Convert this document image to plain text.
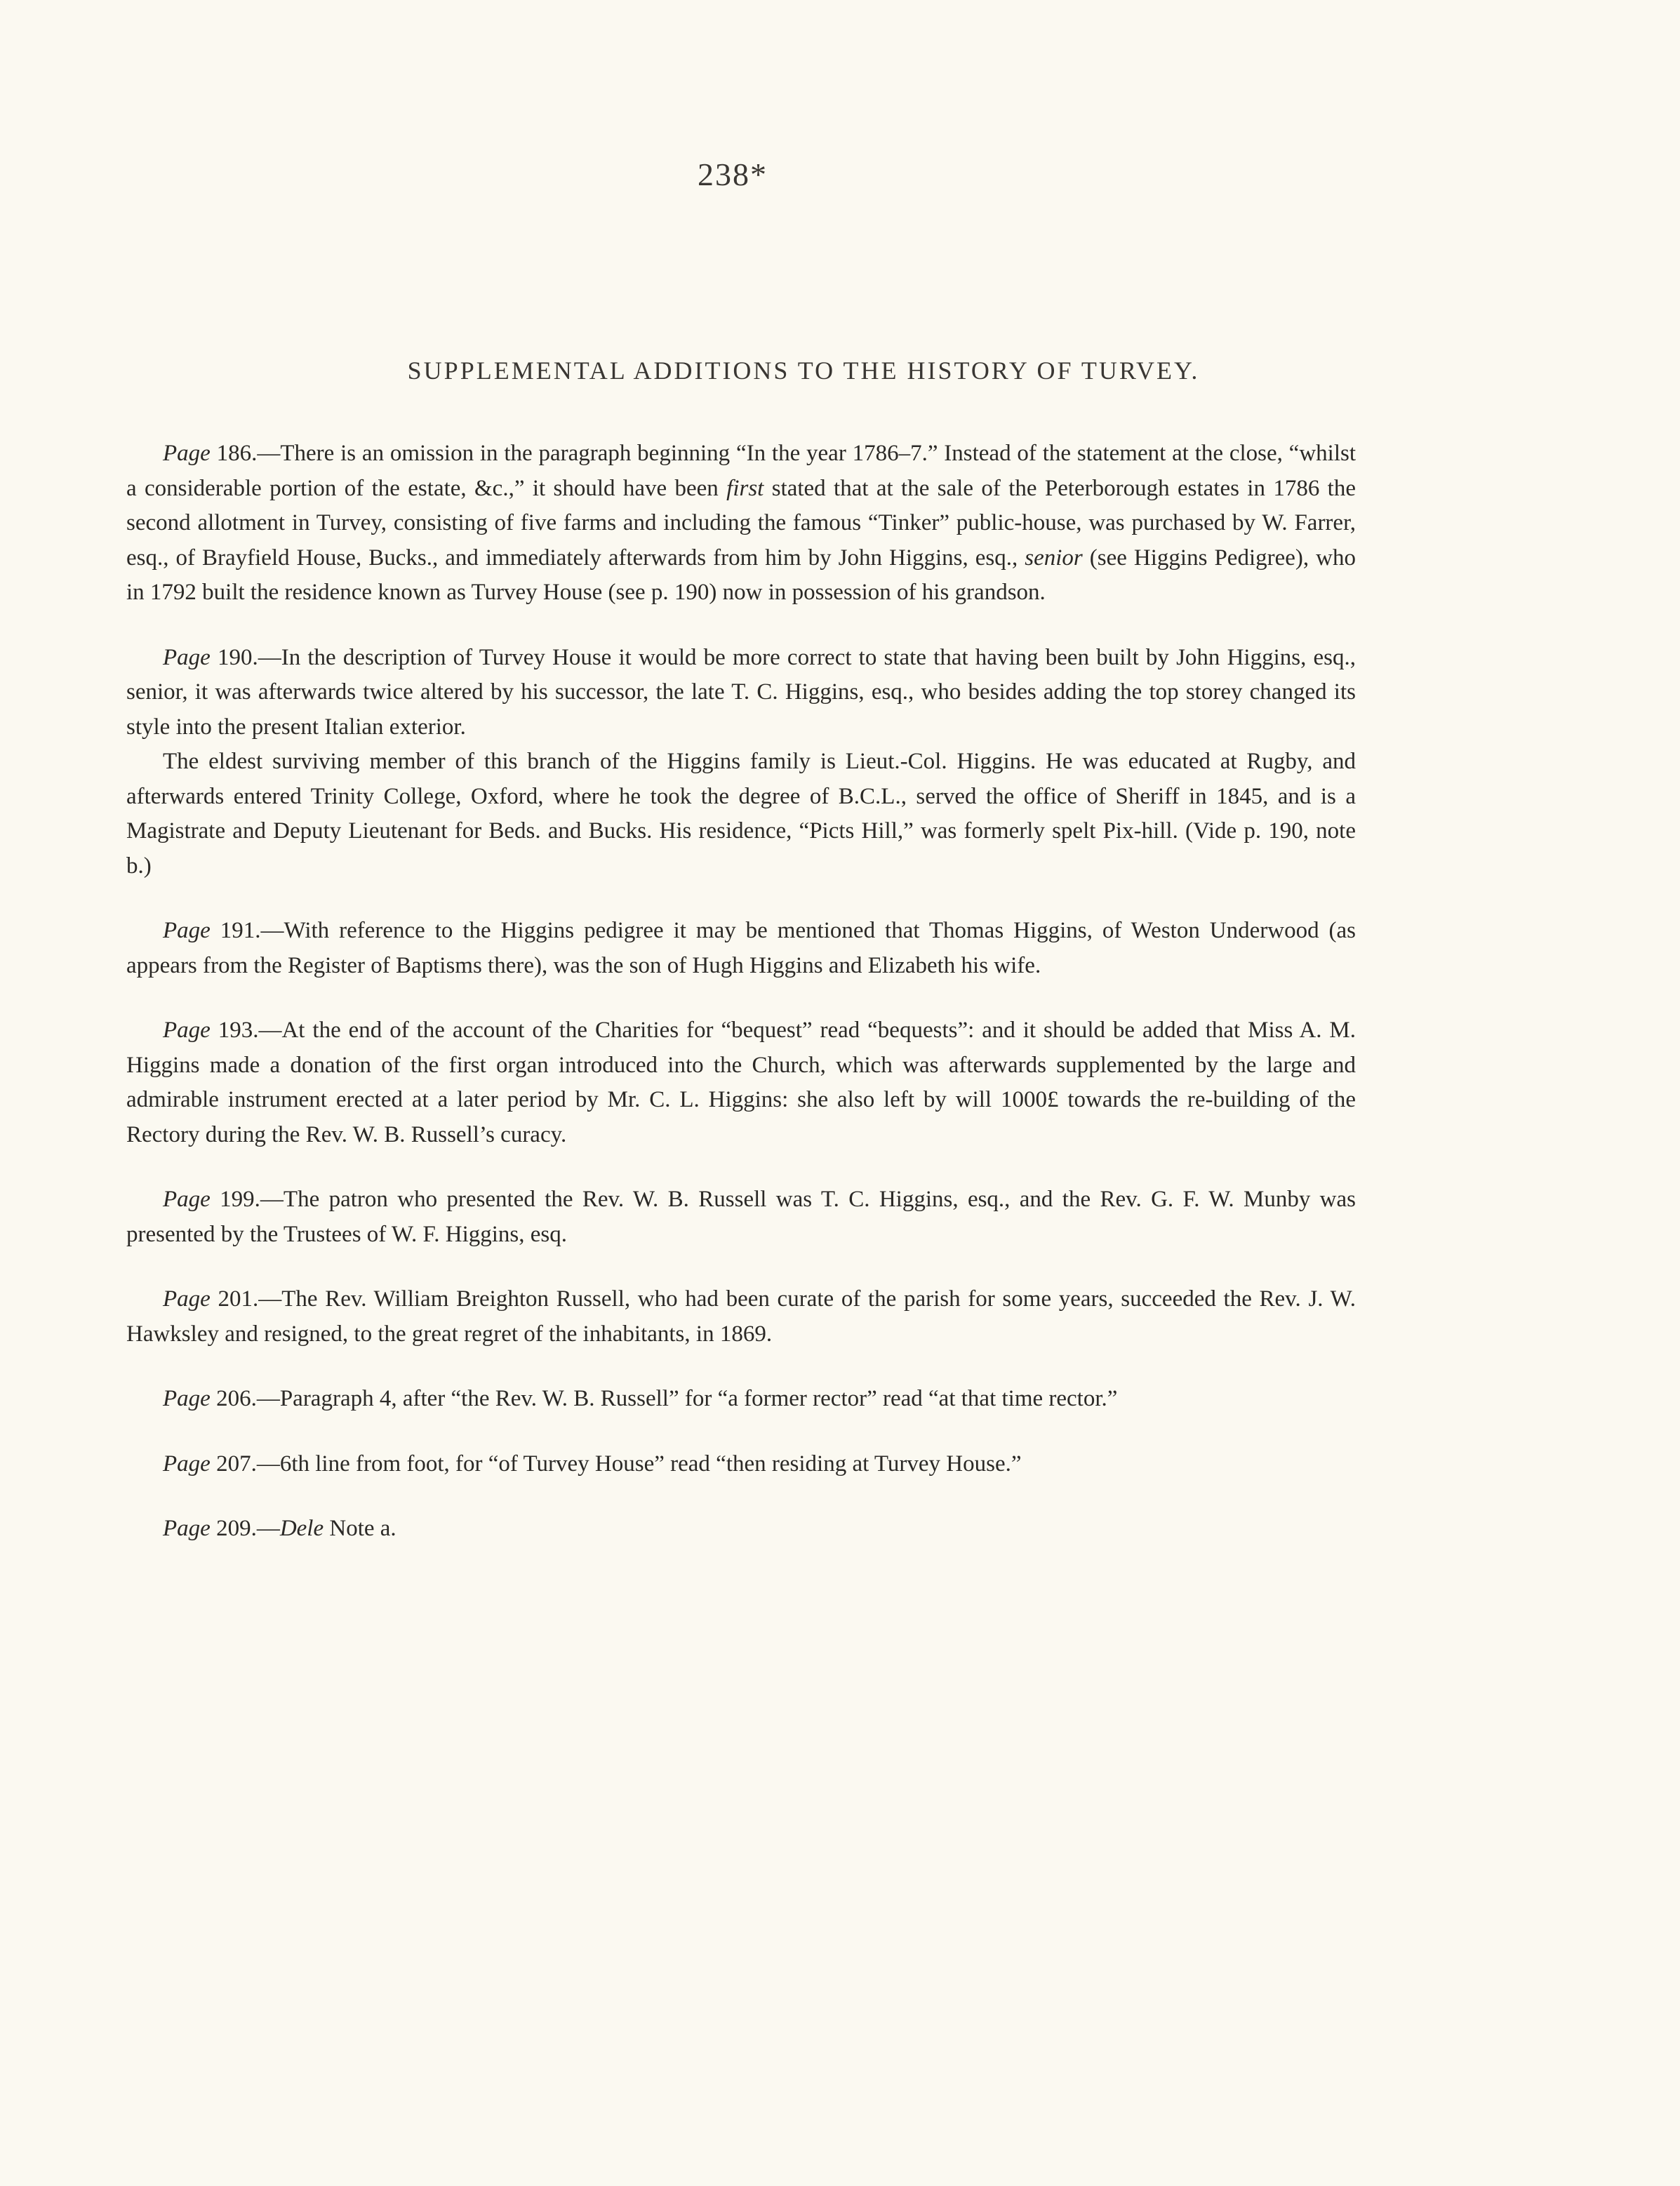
238*
SUPPLEMENTAL ADDITIONS TO THE HISTORY OF TURVEY.

Page 186.—There is an omission in the paragraph beginning “In the year 1786–7.” Instead of the statement at the close, “whilst a considerable portion of the estate, &c.,” it should have been first stated that at the sale of the Peterborough estates in 1786 the second allotment in Turvey, consisting of five farms and including the famous “Tinker” public-house, was purchased by W. Farrer, esq., of Brayfield House, Bucks., and immediately afterwards from him by John Higgins, esq., senior (see Higgins Pedigree), who in 1792 built the residence known as Turvey House (see p. 190) now in possession of his grandson.

Page 190.—In the description of Turvey House it would be more correct to state that having been built by John Higgins, esq., senior, it was afterwards twice altered by his successor, the late T. C. Higgins, esq., who besides adding the top storey changed its style into the present Italian exterior.

The eldest surviving member of this branch of the Higgins family is Lieut.-Col. Higgins. He was educated at Rugby, and afterwards entered Trinity College, Oxford, where he took the degree of B.C.L., served the office of Sheriff in 1845, and is a Magistrate and Deputy Lieutenant for Beds. and Bucks. His residence, “Picts Hill,” was formerly spelt Pix-hill. (Vide p. 190, note b.)

Page 191.—With reference to the Higgins pedigree it may be mentioned that Thomas Higgins, of Weston Underwood (as appears from the Register of Baptisms there), was the son of Hugh Higgins and Elizabeth his wife.

Page 193.—At the end of the account of the Charities for “bequest” read “bequests”: and it should be added that Miss A. M. Higgins made a donation of the first organ introduced into the Church, which was afterwards supplemented by the large and admirable instrument erected at a later period by Mr. C. L. Higgins: she also left by will 1000£ towards the re-building of the Rectory during the Rev. W. B. Russell’s curacy.

Page 199.—The patron who presented the Rev. W. B. Russell was T. C. Higgins, esq., and the Rev. G. F. W. Munby was presented by the Trustees of W. F. Higgins, esq.

Page 201.—The Rev. William Breighton Russell, who had been curate of the parish for some years, succeeded the Rev. J. W. Hawksley and resigned, to the great regret of the inhabitants, in 1869.

Page 206.—Paragraph 4, after “the Rev. W. B. Russell” for “a former rector” read “at that time rector.”

Page 207.—6th line from foot, for “of Turvey House” read “then residing at Turvey House.”

Page 209.—Dele Note a.
